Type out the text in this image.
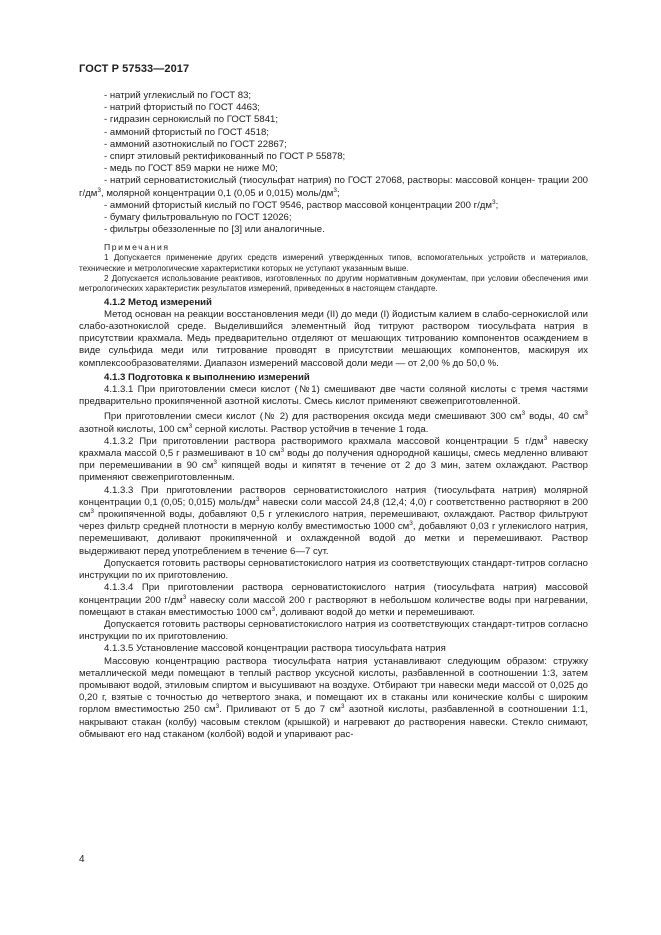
ГОСТ Р 57533—2017

- натрий углекислый по ГОСТ 83;

- натрий фтористый по ГОСТ 4463;

- гидразин сернокислый по ГОСТ 5841;

- аммоний фтористый по ГОСТ 4518;

- аммоний азотнокислый по ГОСТ 22867;

- спирт этиловый ректификованный по ГОСТ Р 55878;

- медь по ГОСТ 859 марки не ниже М0;

- натрий серноватистокислый (тиосульфат натрия) по ГОСТ 27068, растворы: массовой концен- трации 200 $г/дм^3$, молярной концентрации 0,1 (0,05 и 0,015) моль/$дм^3$;

- аммоний фтористый кислый по ГОСТ 9546, раствор массовой концентрации 200 $г/дм^3$;

- бумагу фильтровальную по ГОСТ 12026;

- фильтры обеззоленные по [3] или аналогичные.

Примечания

1 Допускается применение других средств измерений утвержденных типов, вспомогательных устройств и материалов, технические и метрологические характеристики которых не уступают указанным выше.

2 Допускается использование реактивов, изготовленных по другим нормативным документам, при условии обеспечения ими метрологических характеристик результатов измерений, приведенных в настоящем стандарте.

4.1.2 Метод измерений

Метод основан на реакции восстановления меди (II) до меди (I) йодистым калием в слабо-сернокислой или слабо-азотнокислой среде. Выделившийся элементный йод титруют раствором тиосульфата натрия в присутствии крахмала. Медь предварительно отделяют от мешающих титрованию компонентов осаждением в виде сульфида меди или титрование проводят в присутствии мешающих компонентов, маскируя их комплексообразователями. Диапазон измерений массовой доли меди — от 2,00 % до 50,0 %.

4.1.3 Подготовка к выполнению измерений

4.1.3.1 При приготовлении смеси кислот (№1) смешивают две части соляной кислоты с тремя частями предварительно прокипяченной азотной кислоты. Смесь кислот применяют свежеприготовленной.

При приготовлении смеси кислот (№ 2) для растворения оксида меди смешивают 300 $см^3$ воды, 40 $см^3$ азотной кислоты, 100 $см^3$ серной кислоты. Раствор устойчив в течение 1 года.

4.1.3.2 При приготовлении раствора растворимого крахмала массовой концентрации 5 $г/дм^3$ навеску крахмала массой 0,5 г размешивают в 10 $см^3$ воды до получения однородной кашицы, смесь медленно вливают при перемешивании в 90 $см^3$ кипящей воды и кипятят в течение от 2 до 3 мин, затем охлаждают. Раствор применяют свежеприготовленным.

4.1.3.3 При приготовлении растворов серноватистокислого натрия (тиосульфата натрия) молярной концентрации 0,1 (0,05; 0,015) моль/$дм^3$ навески соли массой 24,8 (12,4; 4,0) г соответственно растворяют в 200 $см^3$ прокипяченной воды, добавляют 0,5 г углекислого натрия, перемешивают, охлаждают. Раствор фильтруют через фильтр средней плотности в мерную колбу вместимостью 1000 $см^3$, добавляют 0,03 г углекислого натрия, перемешивают, доливают прокипяченной и охлажденной водой до метки и перемешивают. Раствор выдерживают перед употреблением в течение 6—7 сут.

Допускается готовить растворы серноватистокислого натрия из соответствующих стандарт-титров согласно инструкции по их приготовлению.

4.1.3.4 При приготовлении раствора серноватистокислого натрия (тиосульфата натрия) массовой концентрации 200 $г/дм^3$ навеску соли массой 200 г растворяют в небольшом количестве воды при нагревании, помещают в стакан вместимостью 1000 $см^3$, доливают водой до метки и перемешивают.

Допускается готовить растворы серноватистокислого натрия из соответствующих стандарт-титров согласно инструкции по их приготовлению.

4.1.3.5 Установление массовой концентрации раствора тиосульфата натрия

Массовую концентрацию раствора тиосульфата натрия устанавливают следующим образом: стружку металлической меди помещают в теплый раствор уксусной кислоты, разбавленной в соотношении 1:3, затем промывают водой, этиловым спиртом и высушивают на воздухе. Отбирают три навески меди массой от 0,025 до 0,20 г, взятые с точностью до четвертого знака, и помещают их в стаканы или конические колбы с широким горлом вместимостью 250 $см^3$. Приливают от 5 до 7 $см^3$ азотной кислоты, разбавленной в соотношении 1:1, накрывают стакан (колбу) часовым стеклом (крышкой) и нагревают до растворения навески. Стекло снимают, обмывают его над стаканом (колбой) водой и упаривают рас-

4
